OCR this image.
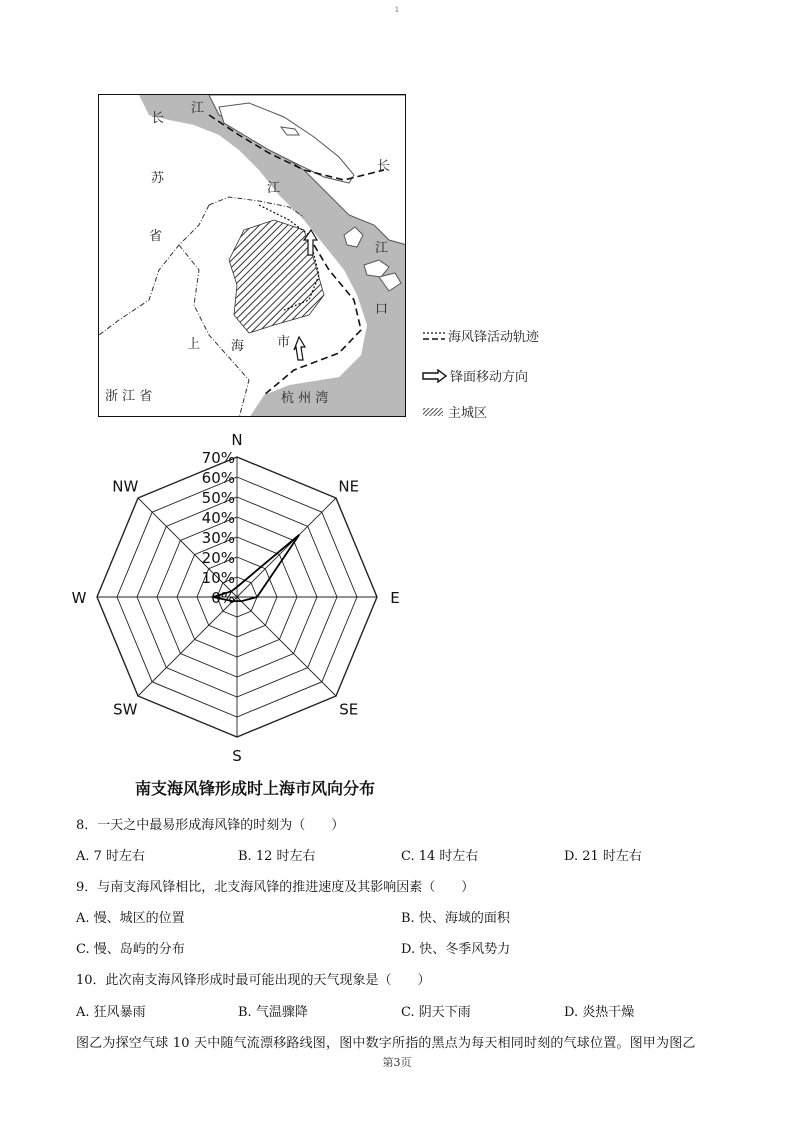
1
江
长
长
苏
江
省
江
口
上 海	市
浙 江 省	杭 州 湾
海风锋活动轨迹
锋面移动方向
主城区
N
NE
E
SE
S
SW
W
NW
0%
10%
20%
30%
40%
50%
60%
70%
南支海风锋形成时上海市风向分布
8．一天之中最易形成海风锋的时刻为（　　）
A. 7 时左右	B. 12 时左右	C. 14 时左右	D. 21 时左右
9．与南支海风锋相比，北支海风锋的推进速度及其影响因素（　　）
A. 慢、城区的位置	B. 快、海域的面积
C. 慢、岛屿的分布	D. 快、冬季风势力
10．此次南支海风锋形成时最可能出现的天气现象是（　　）
A. 狂风暴雨	B. 气温骤降	C. 阴天下雨	D. 炎热干燥
图乙为探空气球 10 天中随气流漂移路线图，图中数字所指的黑点为每天相同时刻的气球位置。图甲为图乙
第3页
